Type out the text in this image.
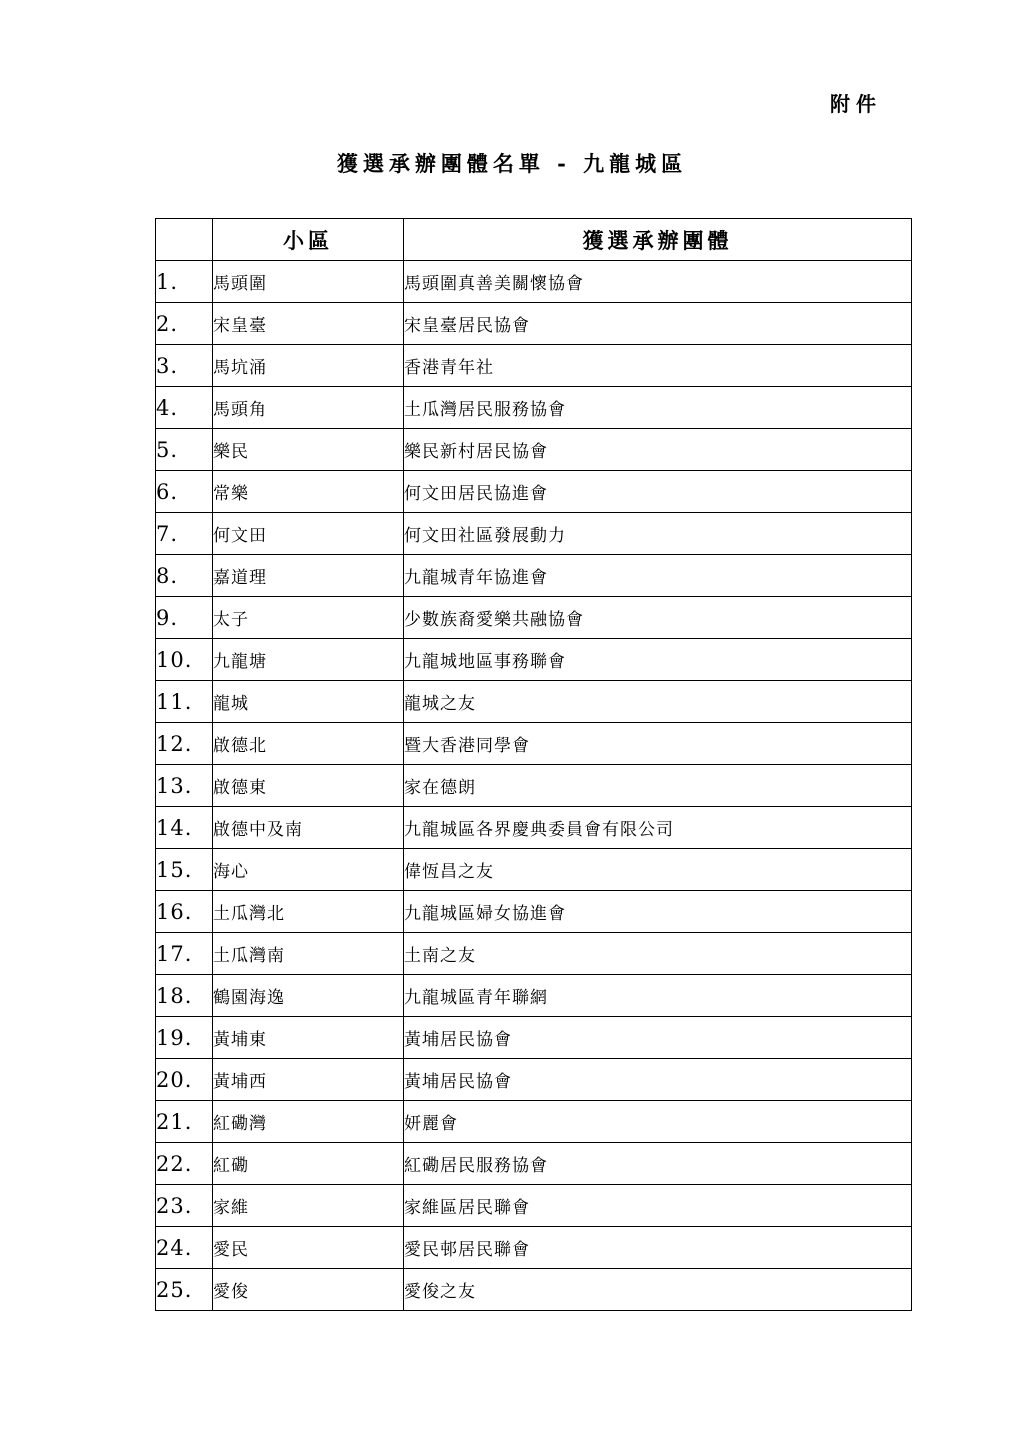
附件
獲選承辦團體名單 - 九龍城區
	小區	獲選承辦團體
1.	馬頭圍	馬頭圍真善美關懷協會
2.	宋皇臺	宋皇臺居民協會
3.	馬坑涌	香港青年社
4.	馬頭角	土瓜灣居民服務協會
5.	樂民	樂民新村居民協會
6.	常樂	何文田居民協進會
7.	何文田	何文田社區發展動力
8.	嘉道理	九龍城青年協進會
9.	太子	少數族裔愛樂共融協會
10.	九龍塘	九龍城地區事務聯會
11.	龍城	龍城之友
12.	啟德北	暨大香港同學會
13.	啟德東	家在德朗
14.	啟德中及南	九龍城區各界慶典委員會有限公司
15.	海心	偉恆昌之友
16.	土瓜灣北	九龍城區婦女協進會
17.	土瓜灣南	土南之友
18.	鶴園海逸	九龍城區青年聯網
19.	黃埔東	黃埔居民協會
20.	黃埔西	黃埔居民協會
21.	紅磡灣	妍麗會
22.	紅磡	紅磡居民服務協會
23.	家維	家維區居民聯會
24.	愛民	愛民邨居民聯會
25.	愛俊	愛俊之友
